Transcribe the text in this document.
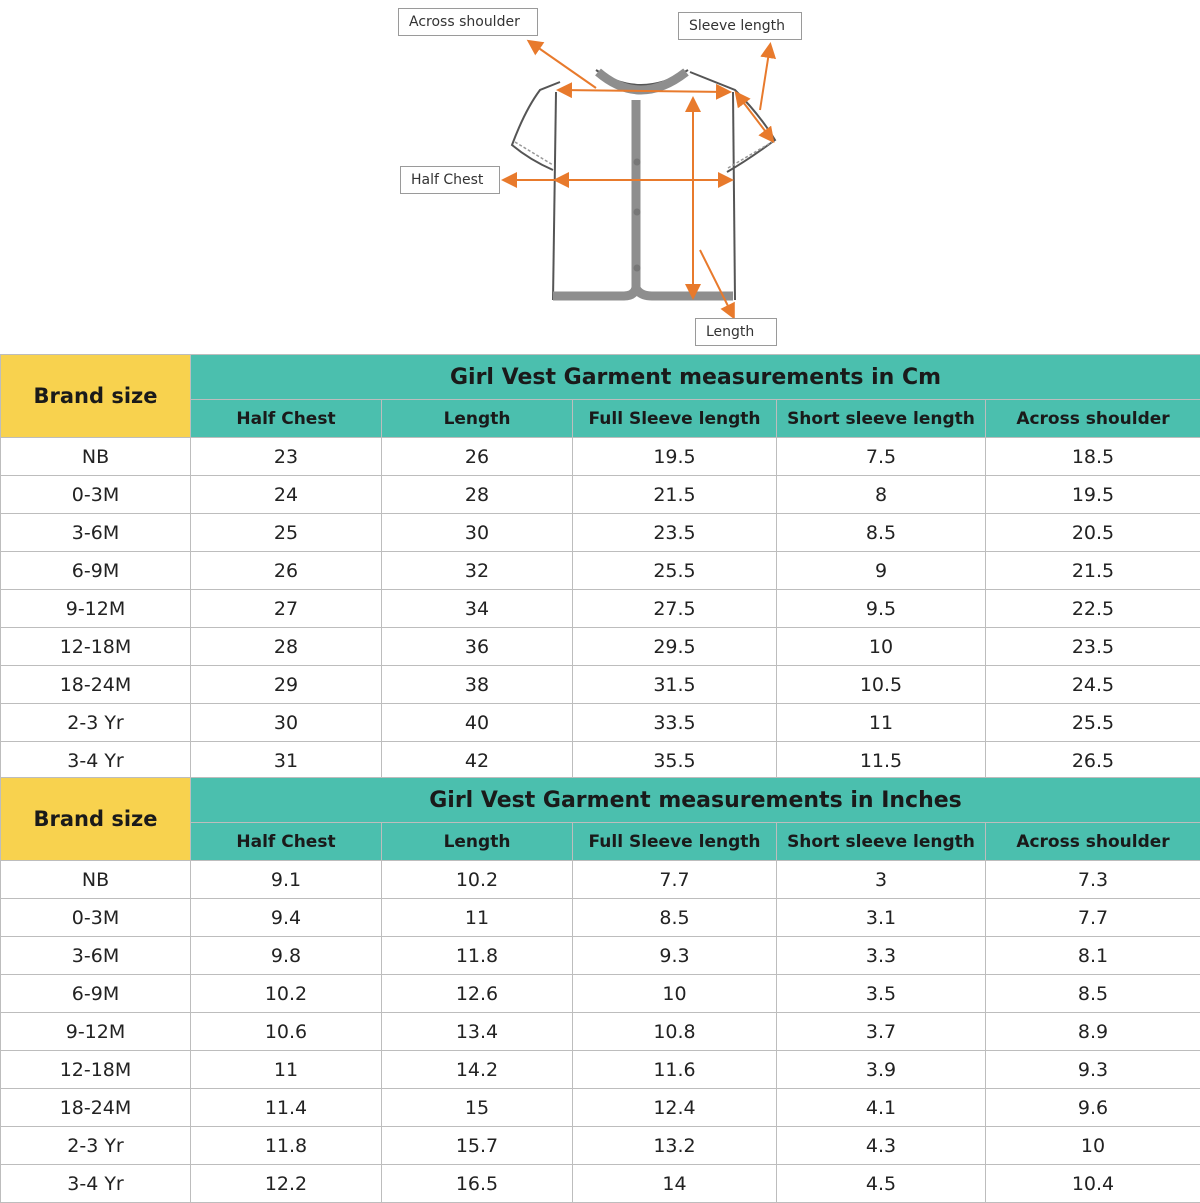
Across shoulder	Sleeve length
Half Chest
Length
Brand size	Girl Vest Garment measurements in Cm				
	Half Chest	Length	Full Sleeve length	Short sleeve length	Across shoulder
NB	23	26	19.5	7.5	18.5
0-3M	24	28	21.5	8	19.5
3-6M	25	30	23.5	8.5	20.5
6-9M	26	32	25.5	9	21.5
9-12M	27	34	27.5	9.5	22.5
12-18M	28	36	29.5	10	23.5
18-24M	29	38	31.5	10.5	24.5
2-3 Yr	30	40	33.5	11	25.5
3-4 Yr	31	42	35.5	11.5	26.5
Brand size	Girl Vest Garment measurements in Inches				
	Half Chest	Length	Full Sleeve length	Short sleeve length	Across shoulder
NB	9.1	10.2	7.7	3	7.3
0-3M	9.4	11	8.5	3.1	7.7
3-6M	9.8	11.8	9.3	3.3	8.1
6-9M	10.2	12.6	10	3.5	8.5
9-12M	10.6	13.4	10.8	3.7	8.9
12-18M	11	14.2	11.6	3.9	9.3
18-24M	11.4	15	12.4	4.1	9.6
2-3 Yr	11.8	15.7	13.2	4.3	10
3-4 Yr	12.2	16.5	14	4.5	10.4
